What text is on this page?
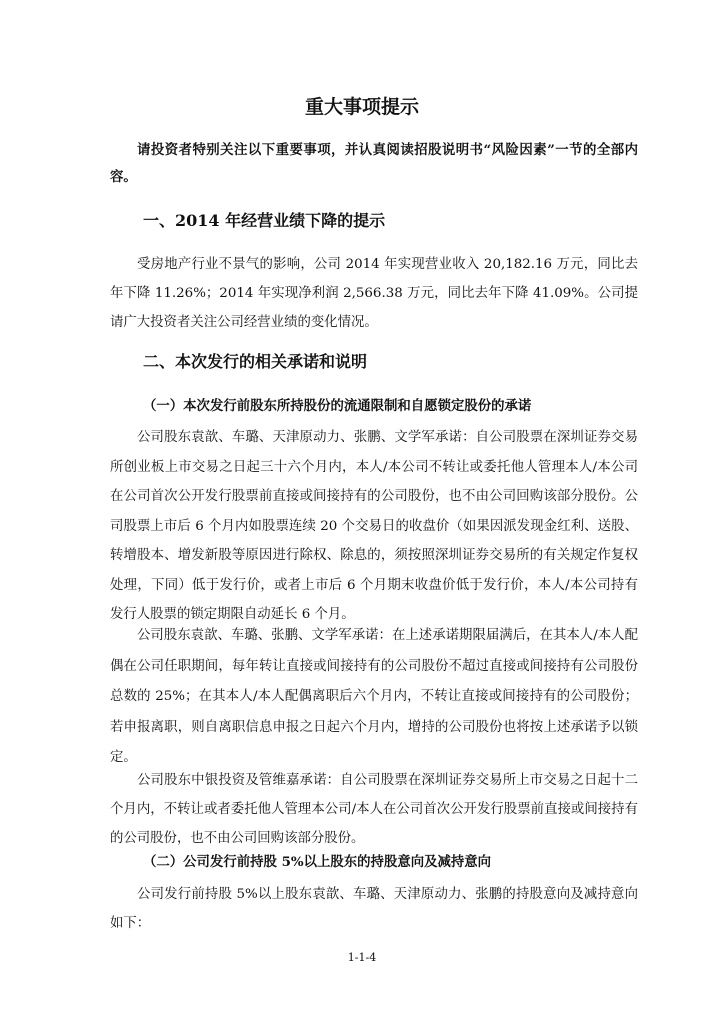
重大事项提示
请投资者特别关注以下重要事项，并认真阅读招股说明书“风险因素”一节的全部内容。
一、2014 年经营业绩下降的提示
受房地产行业不景气的影响，公司 2014 年实现营业收入 20,182.16 万元，同比去年下降 11.26%；2014 年实现净利润 2,566.38 万元，同比去年下降 41.09%。公司提请广大投资者关注公司经营业绩的变化情况。
二、本次发行的相关承诺和说明
（一）本次发行前股东所持股份的流通限制和自愿锁定股份的承诺
公司股东袁歆、车璐、天津原动力、张鹏、文学军承诺：自公司股票在深圳证券交易所创业板上市交易之日起三十六个月内，本人/本公司不转让或委托他人管理本人/本公司在公司首次公开发行股票前直接或间接持有的公司股份，也不由公司回购该部分股份。公司股票上市后 6 个月内如股票连续 20 个交易日的收盘价（如果因派发现金红利、送股、转增股本、增发新股等原因进行除权、除息的，须按照深圳证券交易所的有关规定作复权处理，下同）低于发行价，或者上市后 6 个月期末收盘价低于发行价，本人/本公司持有发行人股票的锁定期限自动延长 6 个月。
公司股东袁歆、车璐、张鹏、文学军承诺：在上述承诺期限届满后，在其本人/本人配偶在公司任职期间，每年转让直接或间接持有的公司股份不超过直接或间接持有公司股份总数的 25%；在其本人/本人配偶离职后六个月内，不转让直接或间接持有的公司股份；若申报离职，则自离职信息申报之日起六个月内，增持的公司股份也将按上述承诺予以锁定。
公司股东中银投资及管维嘉承诺：自公司股票在深圳证券交易所上市交易之日起十二个月内，不转让或者委托他人管理本公司/本人在公司首次公开发行股票前直接或间接持有的公司股份，也不由公司回购该部分股份。
（二）公司发行前持股 5%以上股东的持股意向及减持意向
公司发行前持股 5%以上股东袁歆、车璐、天津原动力、张鹏的持股意向及减持意向如下：
1-1-4
